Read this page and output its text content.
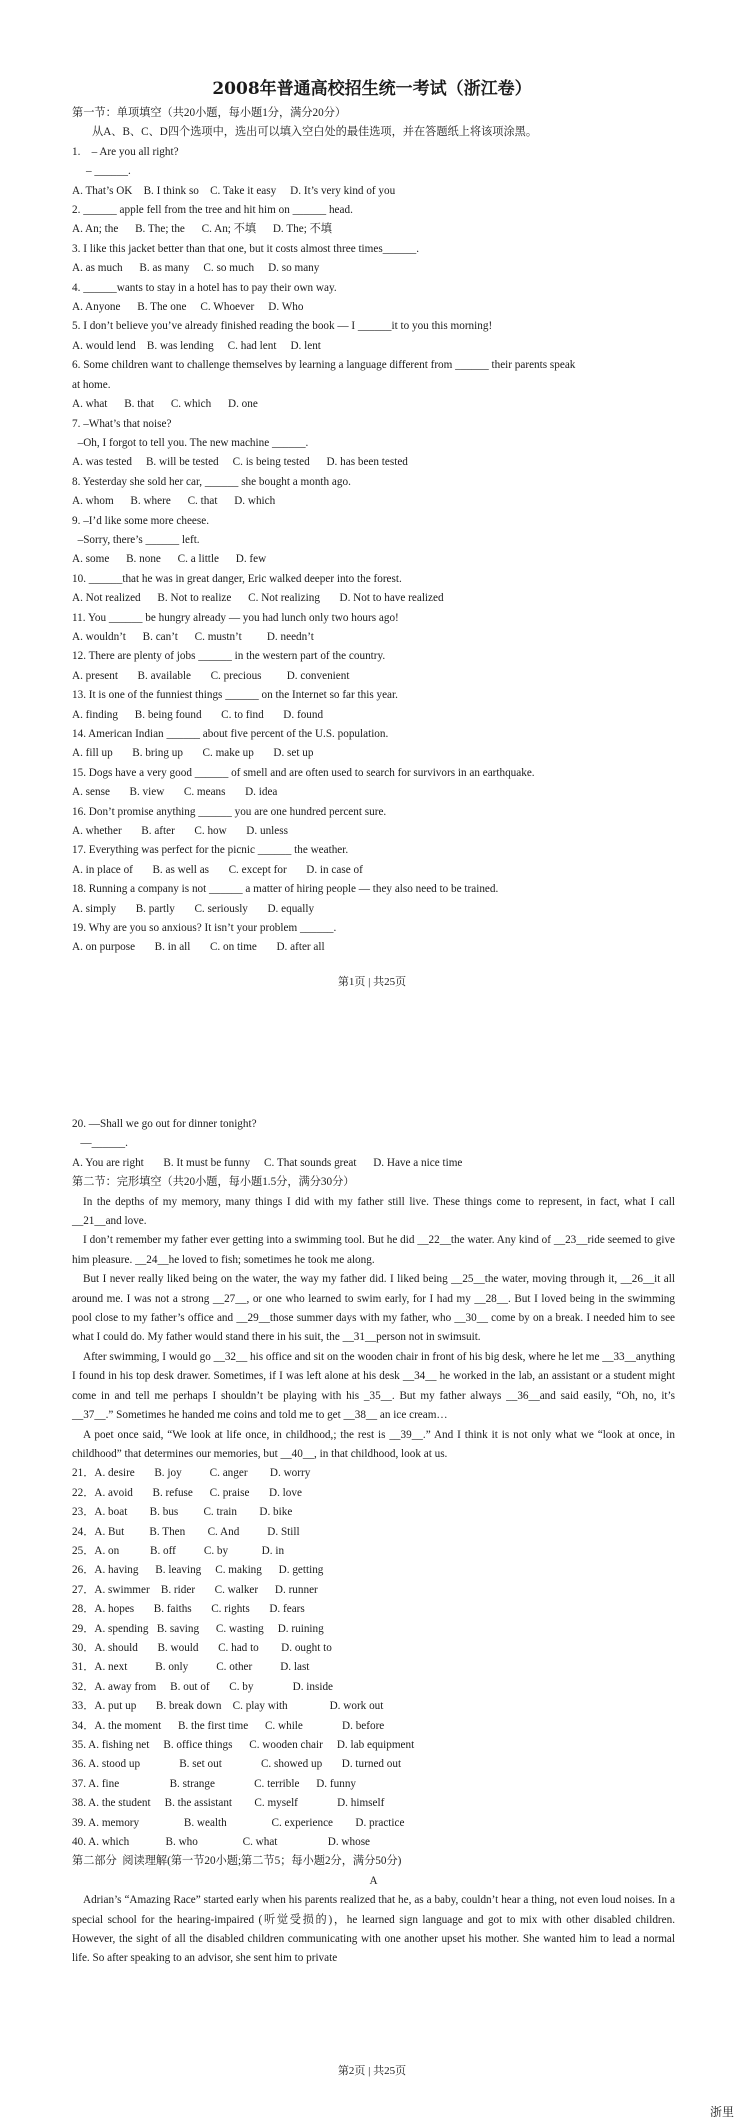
2008年普通高校招生统一考试（浙江卷）
第一节：单项填空（共20小题，每小题1分，满分20分）
从A、B、C、D四个选项中，选出可以填入空白处的最佳选项，并在答题纸上将该项涂黑。
1.    – Are you all right?
– ______.
A. That’s OK    B. I think so    C. Take it easy     D. It’s very kind of you
2. ______ apple fell from the tree and hit him on ______ head.
A. An; the      B. The; the      C. An; 不填      D. The; 不填
3. I like this jacket better than that one, but it costs almost three times______.
A. as much      B. as many     C. so much     D. so many
4. ______wants to stay in a hotel has to pay their own way.
A. Anyone      B. The one     C. Whoever     D. Who
5. I don’t believe you’ve already finished reading the book — I ______it to you this morning!
A. would lend    B. was lending     C. had lent     D. lent
6. Some children want to challenge themselves by learning a language different from ______ their parents speak
at home.
A. what      B. that      C. which      D. one
7. –What’s that noise?
–Oh, I forgot to tell you. The new machine ______.
A. was tested     B. will be tested     C. is being tested      D. has been tested
8. Yesterday she sold her car, ______ she bought a month ago.
A. whom      B. where      C. that      D. which
9. –I’d like some more cheese.
–Sorry, there’s ______ left.
A. some      B. none      C. a little      D. few
10. ______that he was in great danger, Eric walked deeper into the forest.
A. Not realized      B. Not to realize      C. Not realizing       D. Not to have realized
11. You ______ be hungry already — you had lunch only two hours ago!
A. wouldn’t      B. can’t      C. mustn’t         D. needn’t
12. There are plenty of jobs ______ in the western part of the country.
A. present       B. available       C. precious         D. convenient
13. It is one of the funniest things ______ on the Internet so far this year.
A. finding      B. being found       C. to find       D. found
14. American Indian ______ about five percent of the U.S. population.
A. fill up       B. bring up       C. make up       D. set up
15. Dogs have a very good ______ of smell and are often used to search for survivors in an earthquake.
A. sense       B. view       C. means       D. idea
16. Don’t promise anything ______ you are one hundred percent sure.
A. whether       B. after       C. how       D. unless
17. Everything was perfect for the picnic ______ the weather.
A. in place of       B. as well as       C. except for       D. in case of
18. Running a company is not ______ a matter of hiring people — they also need to be trained.
A. simply       B. partly       C. seriously       D. equally
19. Why are you so anxious? It isn’t your problem ______.
A. on purpose       B. in all       C. on time       D. after all
第1页 | 共25页
20. —Shall we go out for dinner tonight?
—______.
A. You are right       B. It must be funny     C. That sounds great      D. Have a nice time
第二节：完形填空（共20小题，每小题1.5分，满分30分）
In the depths of my memory, many things I did with my father still live. These things come to represent, in fact, what I call __21__and love.
I don’t remember my father ever getting into a swimming tool. But he did __22__the water. Any kind of __23__ride seemed to give him pleasure. __24__he loved to fish; sometimes he took me along.
But I never really liked being on the water, the way my father did. I liked being __25__the water, moving through it, __26__it all around me. I was not a strong __27__, or one who learned to swim early, for I had my __28__. But I loved being in the swimming pool close to my father’s office and __29__those summer days with my father, who __30__ come by on a break. I needed him to see what I could do. My father would stand there in his suit, the __31__person not in swimsuit.
After swimming, I would go __32__ his office and sit on the wooden chair in front of his big desk, where he let me __33__anything I found in his top desk drawer. Sometimes, if I was left alone at his desk __34__ he worked in the lab, an assistant or a student might come in and tell me perhaps I shouldn’t be playing with his _35__. But my father always __36__and said easily, “Oh, no, it’s __37__.” Sometimes he handed me coins and told me to get __38__ an ice cream…
A poet once said, “We look at life once, in childhood,; the rest is __39__.” And I think it is not only what we “look at once, in childhood” that determines our memories, but __40__, in that childhood, look at us.
21．A. desire       B. joy          C. anger        D. worry
22．A. avoid       B. refuse      C. praise       D. love
23．A. boat        B. bus         C. train        D. bike
24．A. But         B. Then        C. And          D. Still
25．A. on           B. off          C. by            D. in
26．A. having      B. leaving     C. making      D. getting
27．A. swimmer    B. rider       C. walker      D. runner
28．A. hopes       B. faiths       C. rights       D. fears
29．A. spending   B. saving      C. wasting     D. ruining
30．A. should       B. would       C. had to        D. ought to
31．A. next          B. only          C. other          D. last
32．A. away from     B. out of       C. by              D. inside
33．A. put up       B. break down    C. play with               D. work out
34．A. the moment      B. the first time      C. while              D. before
35. A. fishing net     B. office things      C. wooden chair     D. lab equipment
36. A. stood up              B. set out              C. showed up       D. turned out
37. A. fine                  B. strange              C. terrible      D. funny
38. A. the student     B. the assistant        C. myself              D. himself
39. A. memory                B. wealth                C. experience        D. practice
40. A. which             B. who                C. what                  D. whose
第二部分  阅读理解(第一节20小题;第二节5；每小题2分，满分50分)
A
Adrian’s “Amazing Race” started early when his parents realized that he, as a baby, couldn’t hear a thing, not even loud noises. In a special school for the hearing-impaired (听觉受损的)，he learned sign language and got to mix with other disabled children. However, the sight of all the disabled children communicating with one another upset his mother. She wanted him to lead a normal life. So after speaking to an advisor, she sent him to private
第2页 | 共25页
浙里
